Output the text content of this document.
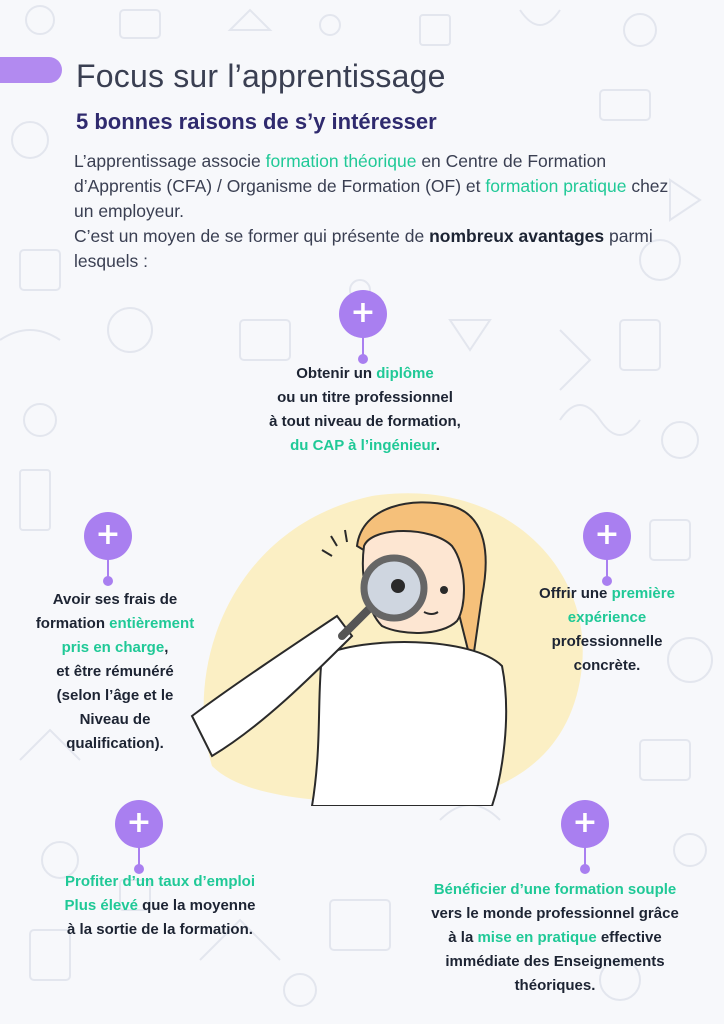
Focus sur l’apprentissage
5 bonnes raisons de s’y intéresser

L’apprentissage associe formation théorique en Centre de Formation d’Apprentis (CFA) / Organisme de Formation (OF) et formation pratique chez un employeur.
C’est un moyen de se former qui présente de nombreux avantages parmi lesquels :

+
+	+
+	+

Obtenir un diplôme
ou un titre professionnel
à tout niveau de formation,
du CAP à l’ingénieur.

Avoir ses frais de
formation entièrement
pris en charge,
et être rémunéré
(selon l’âge et le
Niveau de
qualification).

Offrir une première
expérience
professionnelle
concrète.

Profiter d’un taux d’emploi
Plus élevé que la moyenne
à la sortie de la formation.

Bénéficier d’une formation souple
vers le monde professionnel grâce
à la mise en pratique effective
immédiate des Enseignements
théoriques.
